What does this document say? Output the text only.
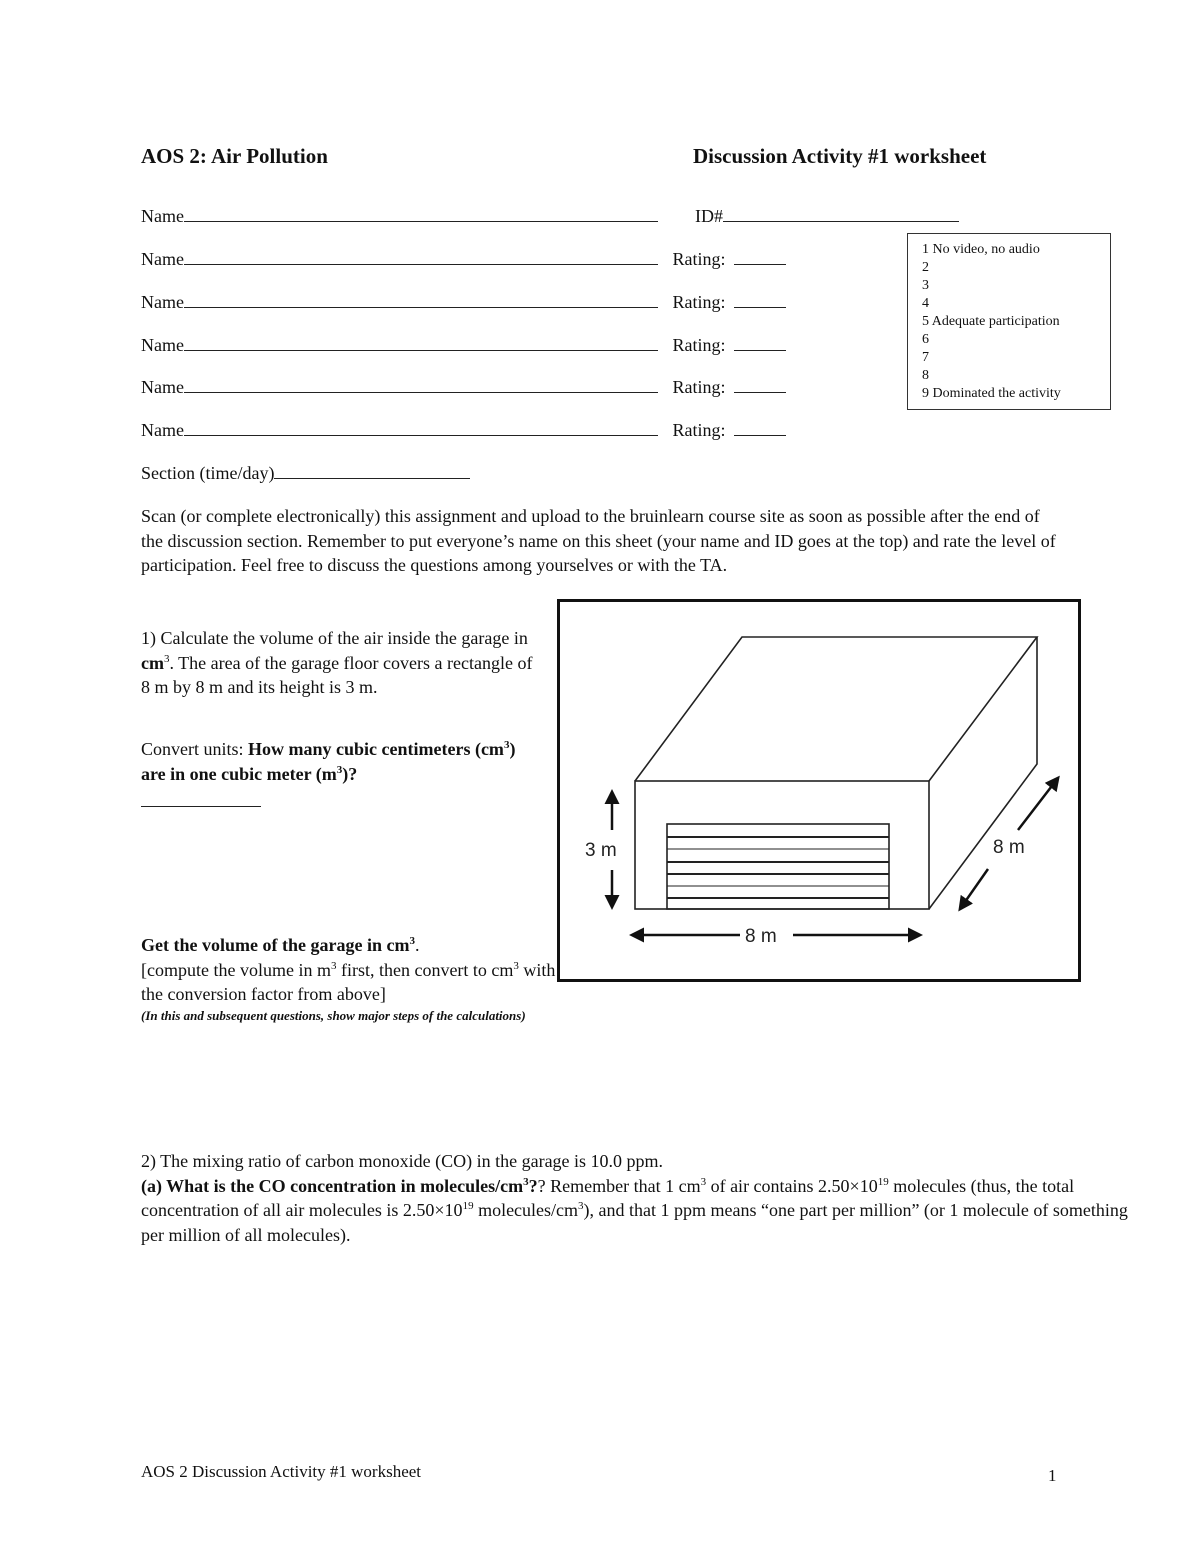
AOS 2: Air Pollution	Discussion Activity #1 worksheet
Name	ID#
Name	Rating:
Name	Rating:
Name	Rating:
Name	Rating:
Name	Rating:
1 No video, no audio
2
3
4
5 Adequate participation
6
7
8
9 Dominated the activity
Section (time/day)
Scan (or complete electronically) this assignment and upload to the bruinlearn course site as soon as possible after the end of the discussion section. Remember to put everyone’s name on this sheet (your name and ID goes at the top) and rate the level of participation. Feel free to discuss the questions among yourselves or with the TA.
1) Calculate the volume of the air inside the garage in $cm^3$. The area of the garage floor covers a rectangle of 8 m by 8 m and its height is 3 m.
Convert units: How many cubic centimeters $(cm^3)$ are in one cubic meter $(m^3)$?
Get the volume of the garage in $cm^3$.
[compute the volume in $m^3$ first, then convert to $cm^3$ with the conversion factor from above]
(In this and subsequent questions, show major steps of the calculations)
3 m
8 m
8 m
2) The mixing ratio of carbon monoxide (CO) in the garage is 10.0 ppm.
(a) What is the CO concentration in molecules/$cm^3$?? Remember that 1 $cm^3$ of air contains $2.50\times 10^{19}$ molecules (thus, the total concentration of all air molecules is $2.50\times 10^{19}$ molecules/$cm^3$), and that 1 ppm means “one part per million” (or 1 molecule of something per million of all molecules).
AOS 2 Discussion Activity #1 worksheet	1
